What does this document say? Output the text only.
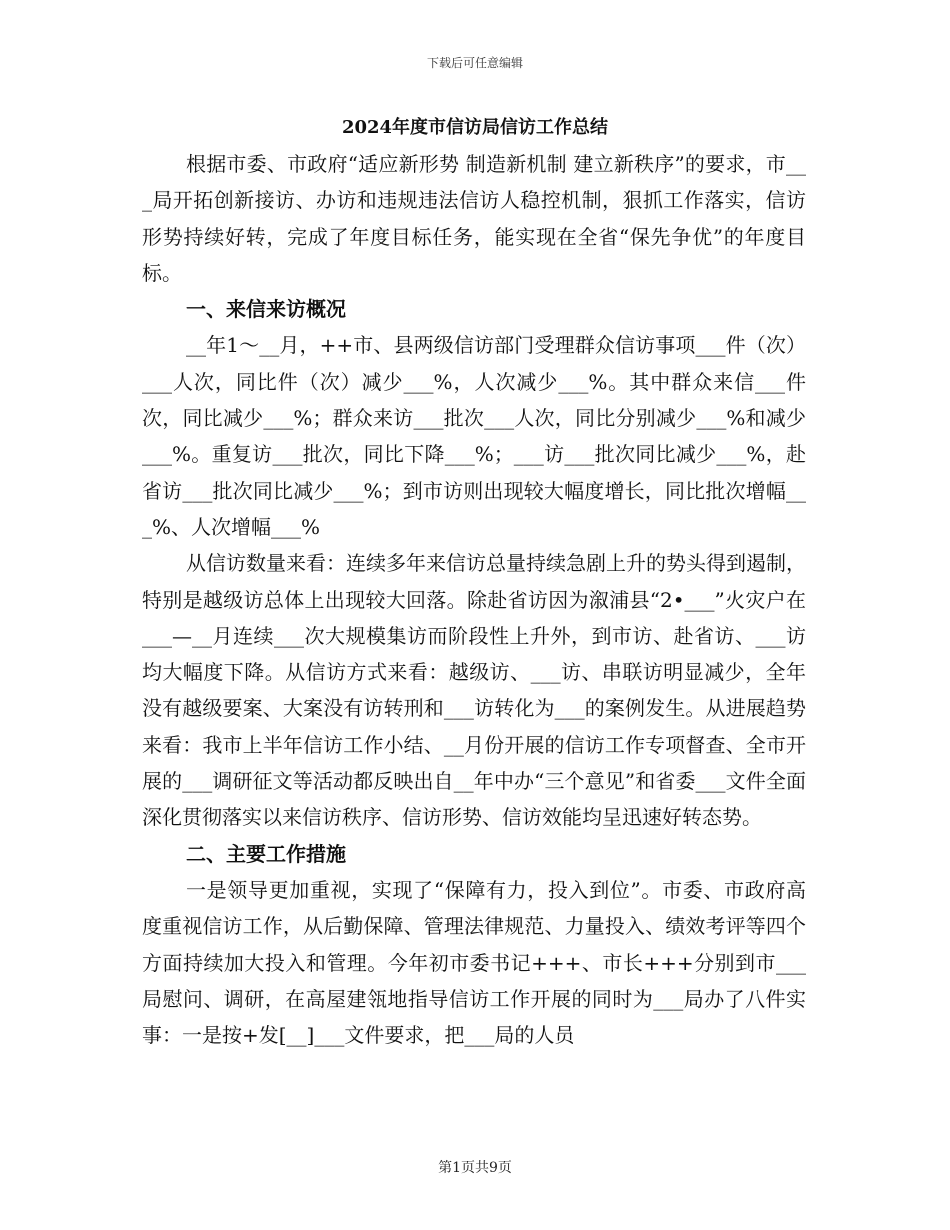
下载后可任意编辑
2024年度市信访局信访工作总结

根据市委、市政府“适应新形势 制造新机制 建立新秩序”的要求，市___局开拓创新接访、办访和违规违法信访人稳控机制，狠抓工作落实，信访形势持续好转，完成了年度目标任务，能实现在全省“保先争优”的年度目标。

一、来信来访概况

__年1～__月，++市、县两级信访部门受理群众信访事项___件（次）___人次，同比件（次）减少___%，人次减少___%。其中群众来信___件次，同比减少___%；群众来访___批次___人次，同比分别减少___%和减少___%。重复访___批次，同比下降___%；___访___批次同比减少___%，赴省访___批次同比减少___%；到市访则出现较大幅度增长，同比批次增幅___%、人次增幅___%

从信访数量来看：连续多年来信访总量持续急剧上升的势头得到遏制，特别是越级访总体上出现较大回落。除赴省访因为溆浦县“2•___”火灾户在___—__月连续___次大规模集访而阶段性上升外，到市访、赴省访、___访均大幅度下降。从信访方式来看：越级访、___访、串联访明显减少，全年没有越级要案、大案没有访转刑和___访转化为___的案例发生。从进展趋势来看：我市上半年信访工作小结、__月份开展的信访工作专项督查、全市开展的___调研征文等活动都反映出自__年中办“三个意见”和省委___文件全面深化贯彻落实以来信访秩序、信访形势、信访效能均呈迅速好转态势。

二、主要工作措施

一是领导更加重视，实现了“保障有力，投入到位”。市委、市政府高度重视信访工作，从后勤保障、管理法律规范、力量投入、绩效考评等四个方面持续加大投入和管理。今年初市委书记+++、市长+++分别到市___局慰问、调研，在高屋建瓴地指导信访工作开展的同时为___局办了八件实事：一是按+发[__]___文件要求，把___局的人员

第1页共9页
